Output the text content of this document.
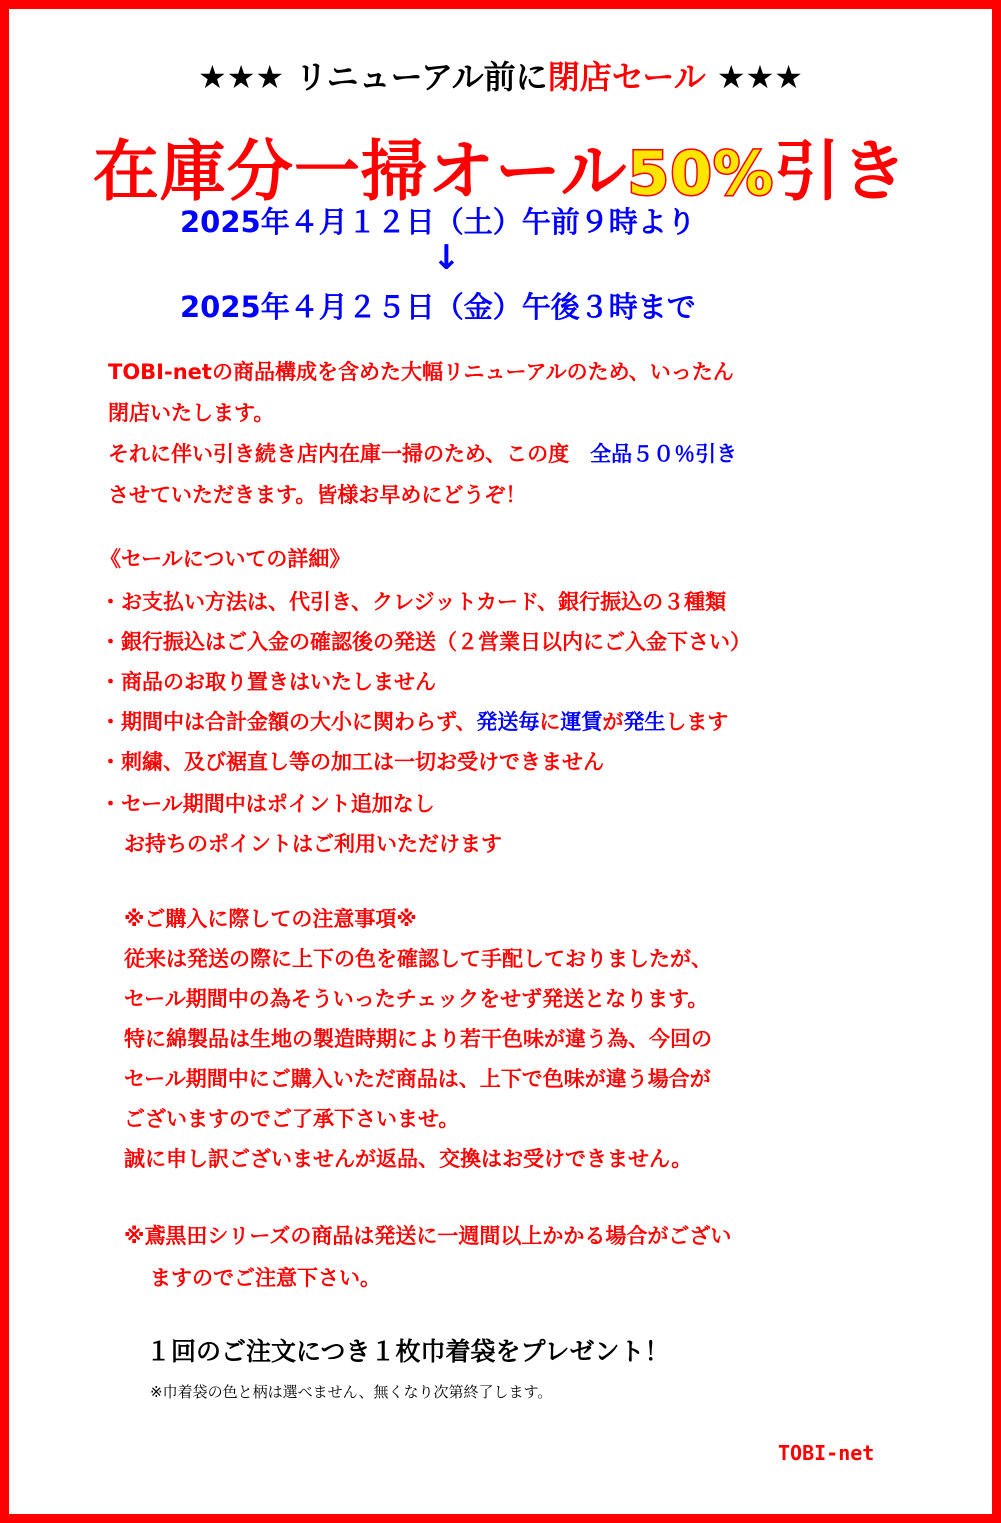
★★★ リニューアル前に閉店セール ★★★
在庫分一掃オール50%引き
2025年４月１２日（土）午前９時より
↓
2025年４月２５日（金）午後３時まで
TOBI-netの商品構成を含めた大幅リニューアルのため、いったん
閉店いたします。
それに伴い引き続き店内在庫一掃のため、この度　全品５０％引き
させていただきます。皆様お早めにどうぞ！
《セールについての詳細》
・お支払い方法は、代引き、クレジットカード、銀行振込の３種類
・銀行振込はご入金の確認後の発送（２営業日以内にご入金下さい）
・商品のお取り置きはいたしません
・期間中は合計金額の大小に関わらず、発送毎に運賃が発生します
・刺繍、及び裾直し等の加工は一切お受けできません
・セール期間中はポイント追加なし
お持ちのポイントはご利用いただけます
※ご購入に際しての注意事項※
従来は発送の際に上下の色を確認して手配しておりましたが、
セール期間中の為そういったチェックをせず発送となります。
特に綿製品は生地の製造時期により若干色味が違う為、今回の
セール期間中にご購入いただ商品は、上下で色味が違う場合が
ございますのでご了承下さいませ。
誠に申し訳ございませんが返品、交換はお受けできません。
※鳶黒田シリーズの商品は発送に一週間以上かかる場合がござい
ますのでご注意下さい。
１回のご注文につき１枚巾着袋をプレゼント！
※巾着袋の色と柄は選べません、無くなり次第終了します。
TOBI-net
